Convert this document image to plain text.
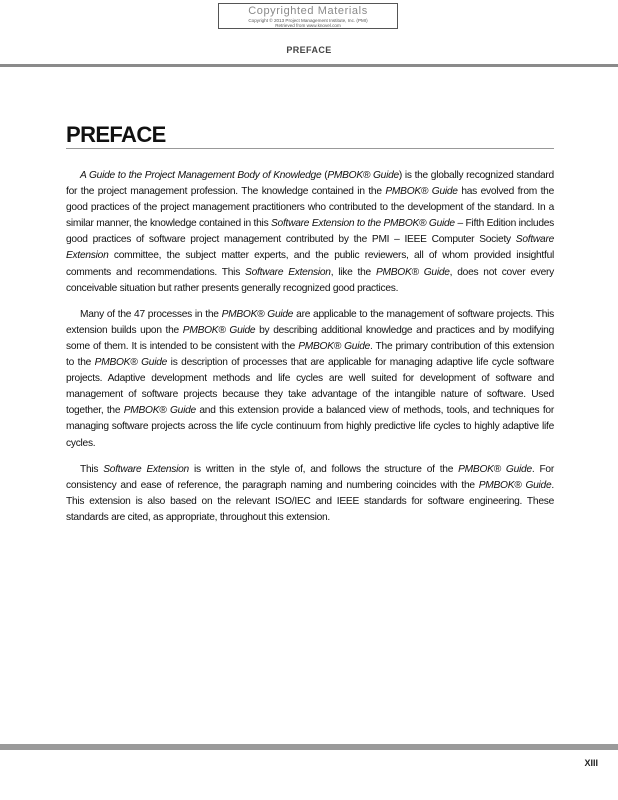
Copyrighted Materials
Copyright © 2013 Project Management Institute, Inc. (PMI)
Retrieved from www.knovel.com
PREFACE
PREFACE

A Guide to the Project Management Body of Knowledge (PMBOK® Guide) is the globally recognized standard for the project management profession. The knowledge contained in the PMBOK® Guide has evolved from the good practices of the project management practitioners who contributed to the development of the standard. In a similar manner, the knowledge contained in this Software Extension to the PMBOK® Guide – Fifth Edition includes good practices of software project management contributed by the PMI – IEEE Computer Society Software Extension committee, the subject matter experts, and the public reviewers, all of whom provided insightful comments and recommendations. This Software Extension, like the PMBOK® Guide, does not cover every conceivable situation but rather presents generally recognized good practices.

Many of the 47 processes in the PMBOK® Guide are applicable to the management of software projects. This extension builds upon the PMBOK® Guide by describing additional knowledge and practices and by modifying some of them. It is intended to be consistent with the PMBOK® Guide. The primary contribution of this extension to the PMBOK® Guide is description of processes that are applicable for managing adaptive life cycle software projects. Adaptive development methods and life cycles are well suited for development of software and management of software projects because they take advantage of the intangible nature of software. Used together, the PMBOK® Guide and this extension provide a balanced view of methods, tools, and techniques for managing software projects across the life cycle continuum from highly predictive life cycles to highly adaptive life cycles.

This Software Extension is written in the style of, and follows the structure of the PMBOK® Guide. For consistency and ease of reference, the paragraph naming and numbering coincides with the PMBOK® Guide. This extension is also based on the relevant ISO/IEC and IEEE standards for software engineering. These standards are cited, as appropriate, throughout this extension.

XIII
